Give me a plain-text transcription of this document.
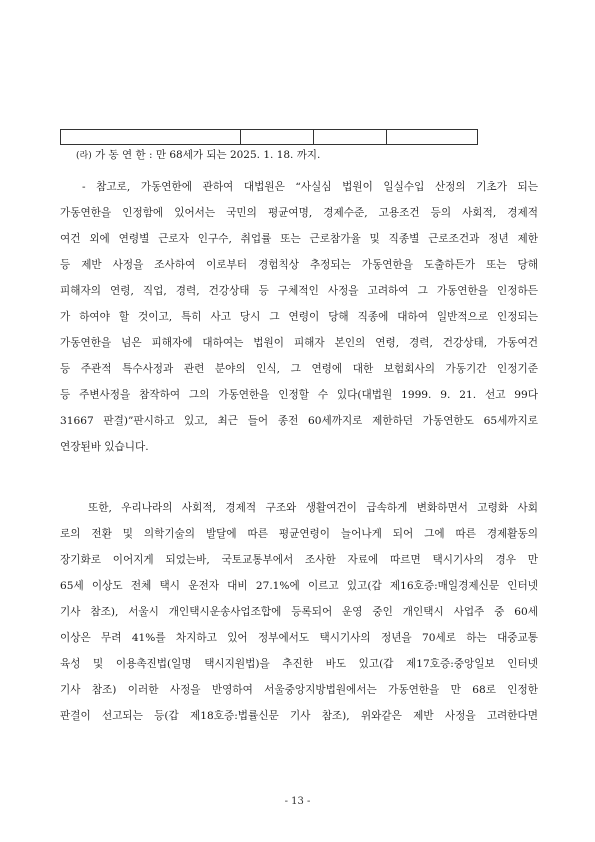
(라) 가 동 연 한 : 만 68세가 되는 2025. 1. 18. 까지.
- 참고로, 가동연한에 관하여 대법원은 “사실심 법원이 일실수입 산정의 기초가 되는
가동연한을 인정함에 있어서는 국민의 평균여명, 경제수준, 고용조건 등의 사회적, 경제적
여건 외에 연령별 근로자 인구수, 취업률 또는 근로참가율 및 직종별 근로조건과 정년 제한
등 제반 사정을 조사하여 이로부터 경험칙상 추정되는 가동연한을 도출하든가 또는 당해
피해자의 연령, 직업, 경력, 건강상태 등 구체적인 사정을 고려하여 그 가동연한을 인정하든
가 하여야 할 것이고, 특히 사고 당시 그 연령이 당해 직종에 대하여 일반적으로 인정되는
가동연한을 넘은 피해자에 대하여는 법원이 피해자 본인의 연령, 경력, 건강상태, 가동여건
등 주관적 특수사정과 관련 분야의 인식, 그 연령에 대한 보험회사의 가동기간 인정기준
등 주변사정을 참작하여 그의 가동연한을 인정할 수 있다(대법원 1999. 9. 21. 선고 99다
31667 판결)”판시하고 있고, 최근 들어 종전 60세까지로 제한하던 가동연한도 65세까지로
연장된바 있습니다.
또한, 우리나라의 사회적, 경제적 구조와 생활여건이 급속하게 변화하면서 고령화 사회
로의 전환 및 의학기술의 발달에 따른 평균연령이 늘어나게 되어 그에 따른 경제활동의
장기화로 이어지게 되었는바, 국토교통부에서 조사한 자료에 따르면 택시기사의 경우 만
65세 이상도 전체 택시 운전자 대비 27.1%에 이르고 있고(갑 제16호증:매일경제신문 인터넷
기사 참조), 서울시 개인택시운송사업조합에 등록되어 운영 중인 개인택시 사업주 중 60세
이상은 무려 41%를 차지하고 있어 정부에서도 택시기사의 정년을 70세로 하는 대중교통
육성 및 이용촉진법(일명 택시지원법)을 추진한 바도 있고(갑 제17호증:중앙일보 인터넷
기사 참조) 이러한 사정을 반영하여 서울중앙지방법원에서는 가동연한을 만 68로 인정한
판결이 선고되는 등(갑 제18호증:법률신문 기사 참조), 위와같은 제반 사정을 고려한다면
- 13 -
